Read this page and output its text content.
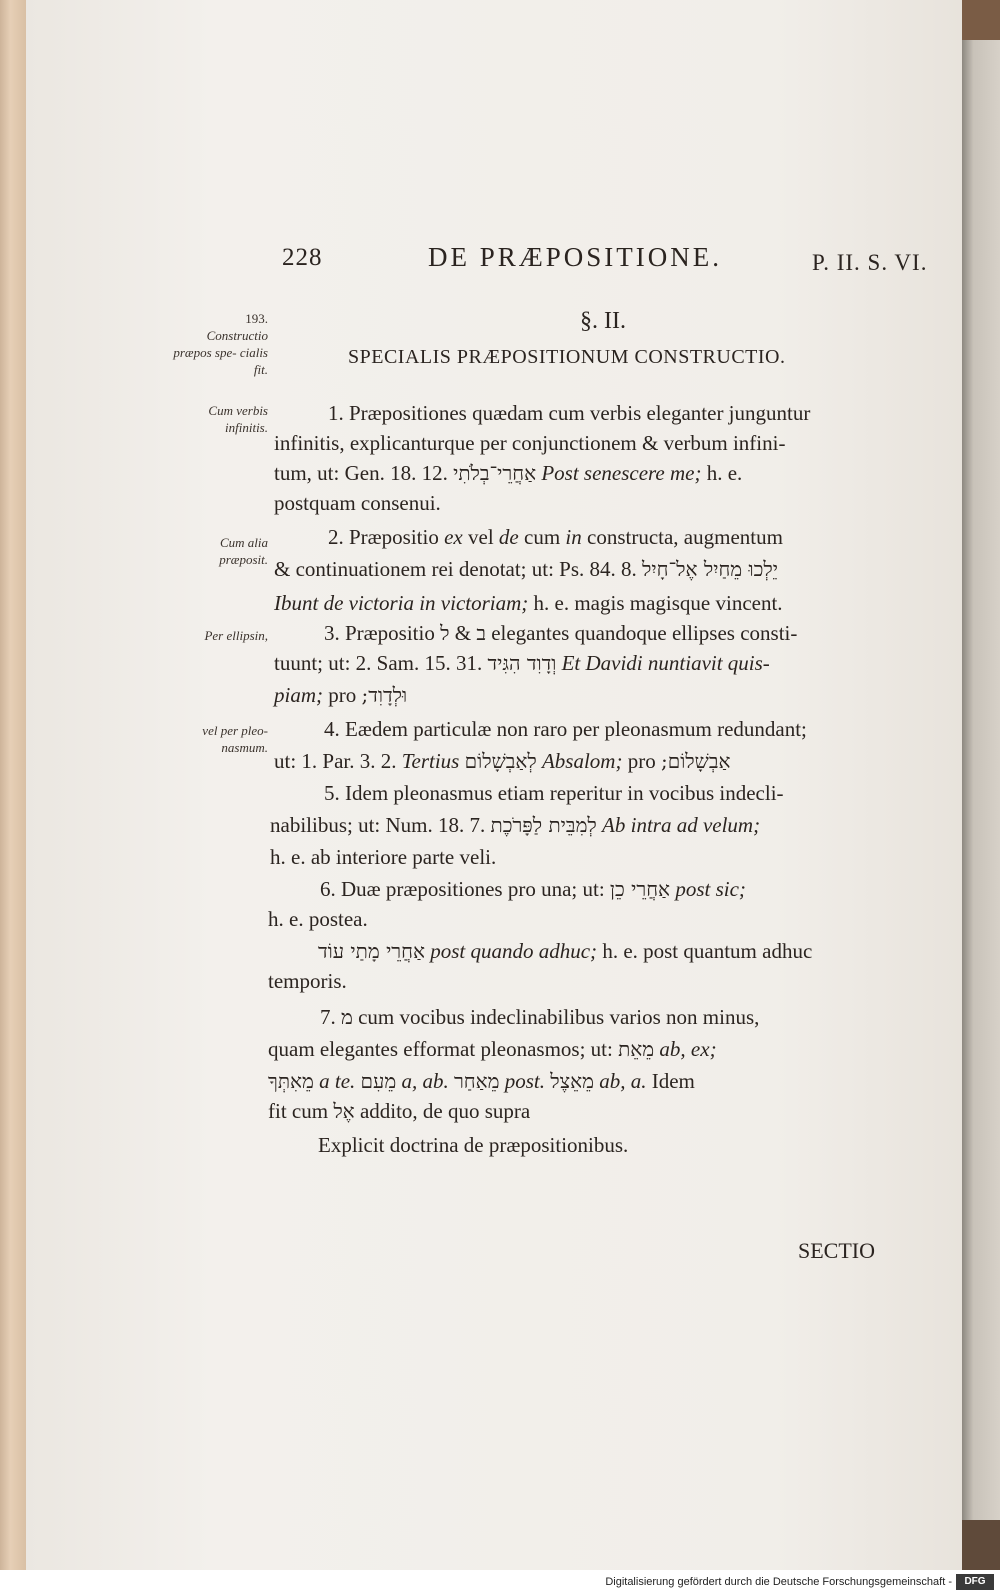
228	DE PRÆPOSITIONE.	P. II. S. VI.
§. II.
SPECIALIS PRÆPOSITIONUM CONSTRUCTIO.
193.
Constructio præpos spe- cialis fit.
Cum verbis infinitis.
Cum alia præposit.
Per ellipsin,
vel per pleo- nasmum.
1. Præpositiones quædam cum verbis eleganter junguntur
infinitis, explicanturque per conjunctionem & verbum infini-
tum, ut: Gen. 18. 12. אַחֲרֵי־בְלֹתִי Post senescere me; h. e.
postquam consenui.
2. Præpositio ex vel de cum in constructa, augmentum
& continuationem rei denotat; ut: Ps. 84. 8. יֵלְכוּ מֵחַיִל אֶל־חָיִל
Ibunt de victoria in victoriam; h. e. magis magisque vincent.
3. Præpositio ב & ל elegantes quandoque ellipses consti-
tuunt; ut: 2. Sam. 15. 31. וְדָוִד הִגִּיד Et Davidi nuntiavit quis-
piam; pro וּלְדָוִד;
4. Eædem particulæ non raro per pleonasmum redundant;
ut: 1. Par. 3. 2. Tertius לְאַבְשָׁלוֹם Absalom; pro אַבְשָׁלוֹם;
5. Idem pleonasmus etiam reperitur in vocibus indecli-
nabilibus; ut: Num. 18. 7. לְמִבֵּית לַפָּרֹכֶת Ab intra ad velum;
h. e. ab interiore parte veli.
6. Duæ præpositiones pro una; ut: אַחֲרֵי כֵן post sic;
h. e. postea.
אַחֲרֵי מָתַי עוֹד post quando adhuc; h. e. post quantum adhuc
temporis.
7. מ cum vocibus indeclinabilibus varios non minus,
quam elegantes efformat pleonasmos; ut: מֵאֵת ab, ex;
מֵאִתְּךָ a te. מֵעִם a, ab. מֵאַחַר post. מֵאֵצֶל ab, a. Idem
fit cum אֶל addito, de quo supra
Explicit doctrina de præpositionibus.
SECTIO
Digitalisierung gefördert durch die Deutsche Forschungsgemeinschaft -	DFG
